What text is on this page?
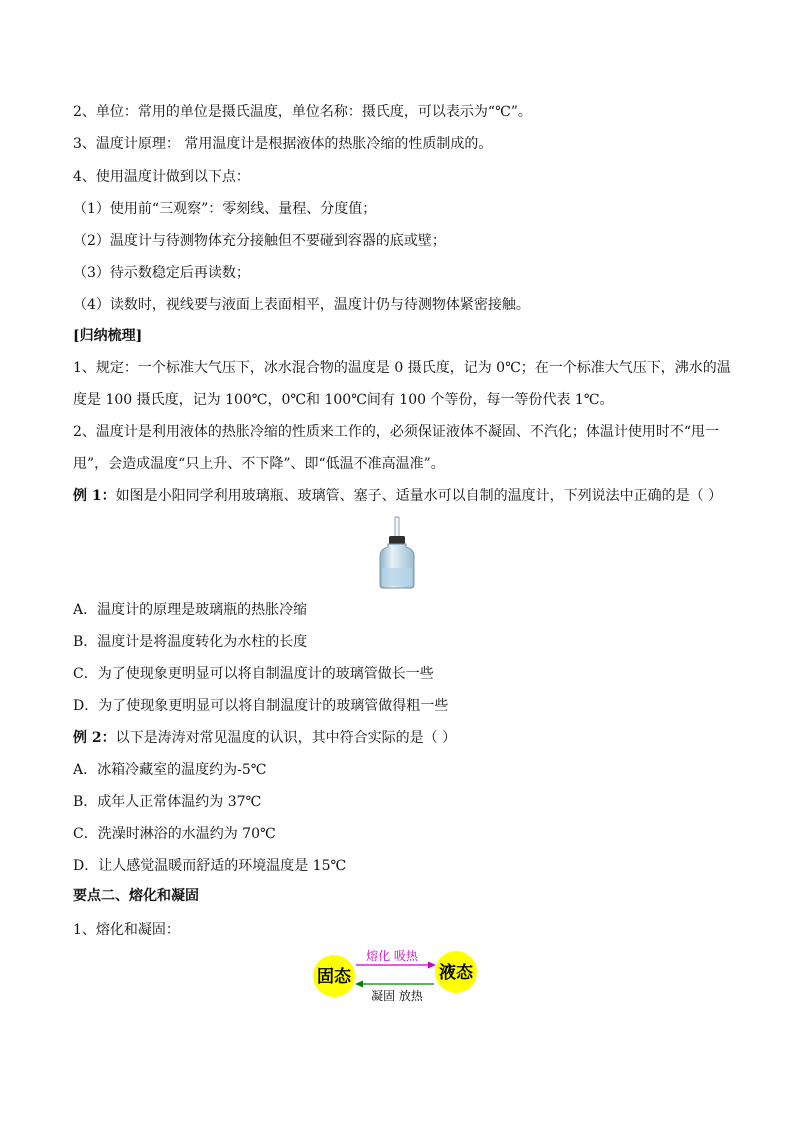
2、单位：常用的单位是摄氏温度，单位名称：摄氏度，可以表示为“℃”。
3、温度计原理： 常用温度计是根据液体的热胀冷缩的性质制成的。
4、使用温度计做到以下点：
（1）使用前“三观察”：零刻线、量程、分度值；
（2）温度计与待测物体充分接触但不要碰到容器的底或壁；
（3）待示数稳定后再读数；
（4）读数时，视线要与液面上表面相平，温度计仍与待测物体紧密接触。
[归纳梳理]
1、规定：一个标准大气压下，冰水混合物的温度是 0 摄氏度，记为 0℃；在一个标准大气压下，沸水的温
度是 100 摄氏度，记为 100℃，0℃和 100℃间有 100 个等份，每一等份代表 1℃。
2、温度计是利用液体的热胀冷缩的性质来工作的，必须保证液体不凝固、不汽化；体温计使用时不“甩一
甩”，会造成温度“只上升、不下降”、即“低温不准高温准”。
例 1：如图是小阳同学利用玻璃瓶、玻璃管、塞子、适量水可以自制的温度计，下列说法中正确的是（ ）
A．温度计的原理是玻璃瓶的热胀冷缩
B．温度计是将温度转化为水柱的长度
C．为了使现象更明显可以将自制温度计的玻璃管做长一些
D．为了使现象更明显可以将自制温度计的玻璃管做得粗一些
例 2：以下是涛涛对常见温度的认识，其中符合实际的是（ ）
A．冰箱冷藏室的温度约为-5℃
B．成年人正常体温约为 37℃
C．洗澡时淋浴的水温约为 70℃
D．让人感觉温暖而舒适的环境温度是 15℃
要点二、熔化和凝固
1、熔化和凝固：
固态	液态
熔化 吸热
凝固 放热
